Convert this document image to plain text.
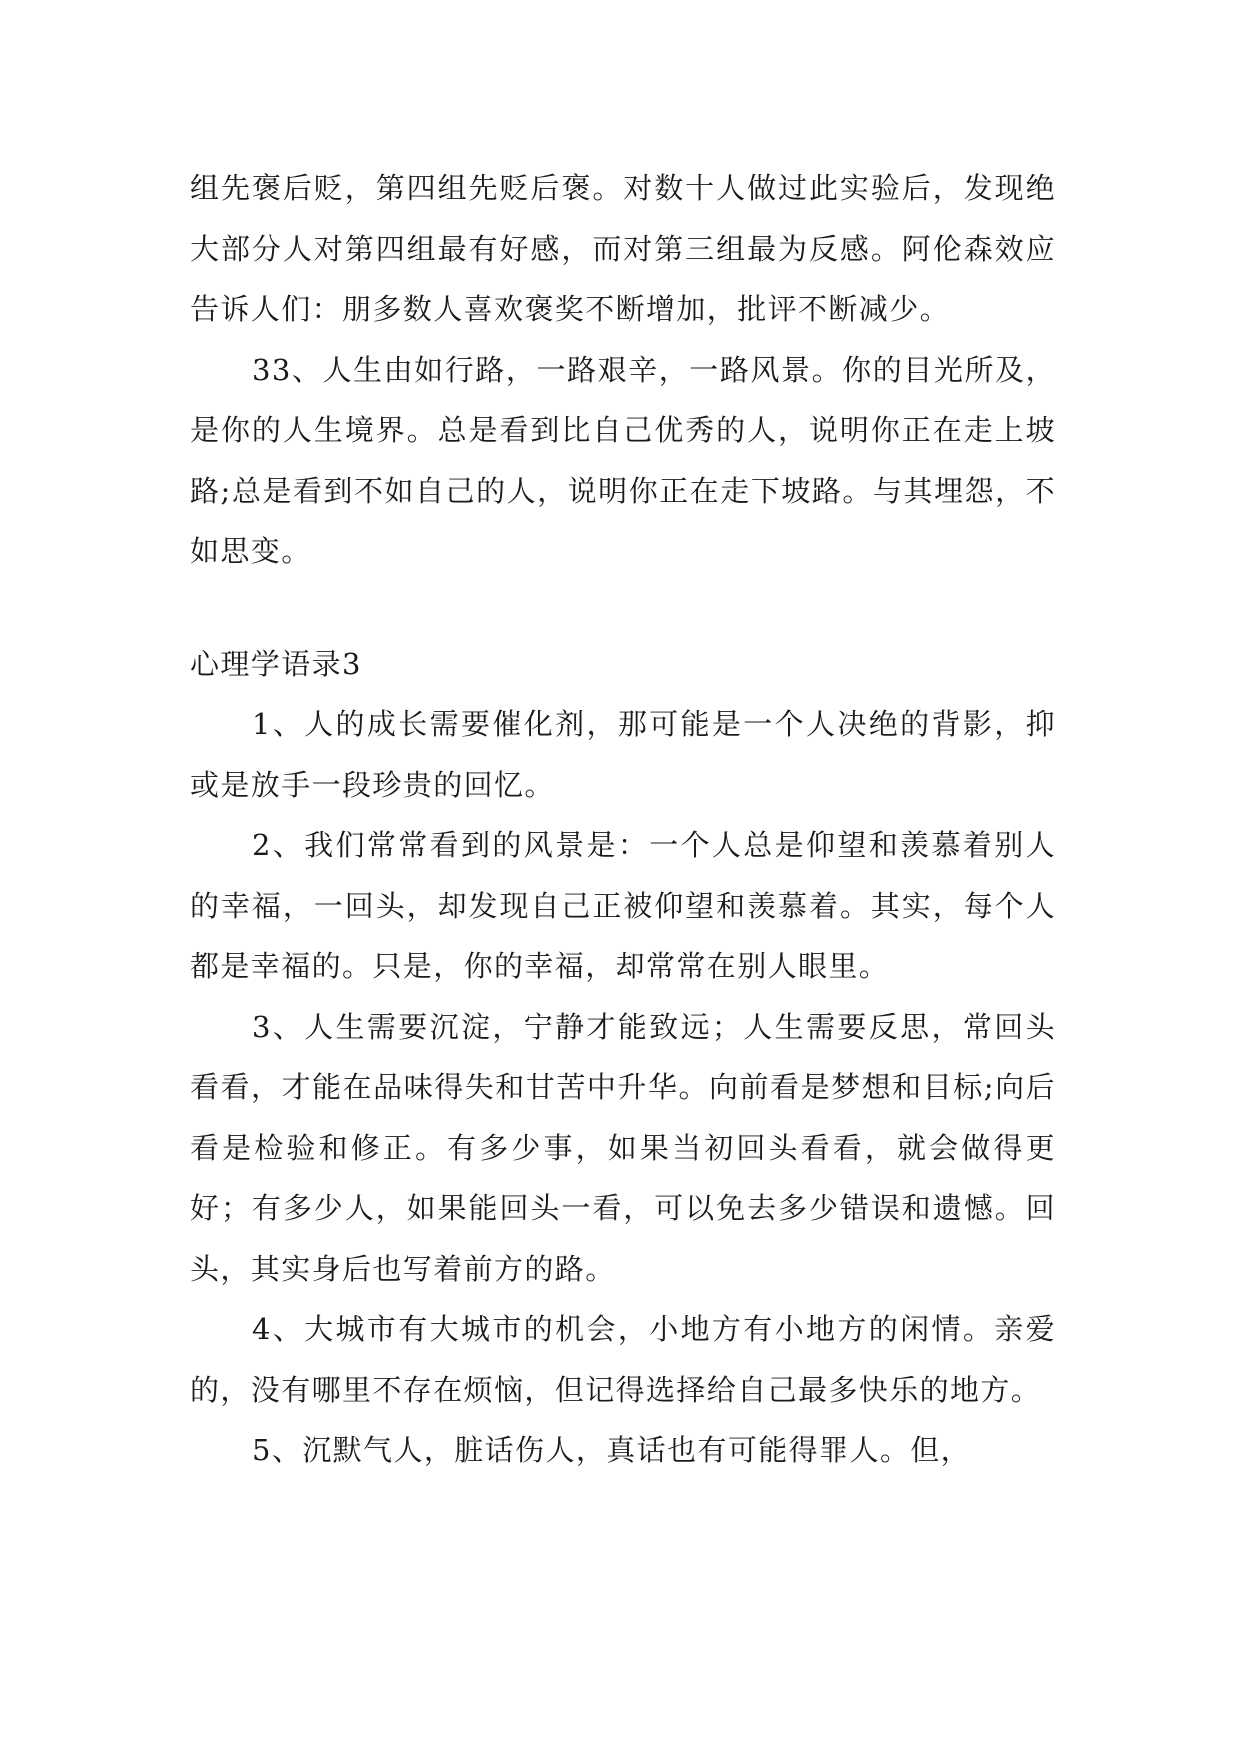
组先褒后贬，第四组先贬后褒。对数十人做过此实验后，发现绝大部分人对第四组最有好感，而对第三组最为反感。阿伦森效应告诉人们：朋多数人喜欢褒奖不断增加，批评不断减少。

33、人生由如行路，一路艰辛，一路风景。你的目光所及，是你的人生境界。总是看到比自己优秀的人，说明你正在走上坡路;总是看到不如自己的人，说明你正在走下坡路。与其埋怨，不如思变。

心理学语录3

1、人的成长需要催化剂，那可能是一个人决绝的背影，抑或是放手一段珍贵的回忆。

2、我们常常看到的风景是：一个人总是仰望和羡慕着别人的幸福，一回头，却发现自己正被仰望和羡慕着。其实，每个人都是幸福的。只是，你的幸福，却常常在别人眼里。

3、人生需要沉淀，宁静才能致远；人生需要反思，常回头看看，才能在品味得失和甘苦中升华。向前看是梦想和目标;向后看是检验和修正。有多少事，如果当初回头看看，就会做得更好；有多少人，如果能回头一看，可以免去多少错误和遗憾。回头，其实身后也写着前方的路。

4、大城市有大城市的机会，小地方有小地方的闲情。亲爱的，没有哪里不存在烦恼，但记得选择给自己最多快乐的地方。

5、沉默气人，脏话伤人，真话也有可能得罪人。但，
